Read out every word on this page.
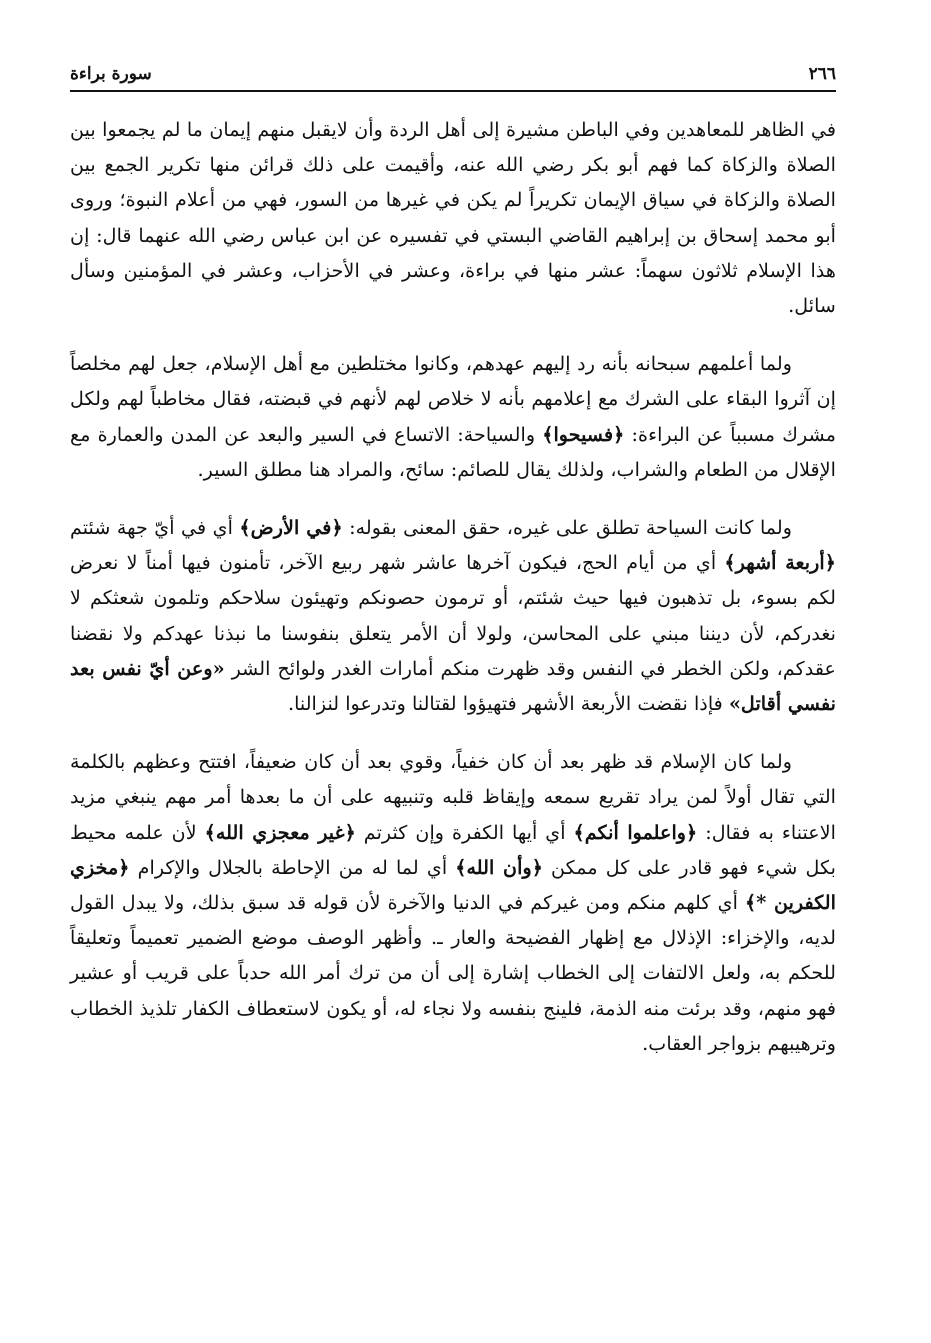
٢٦٦
سورة براءة

في الظاهر للمعاهدين وفي الباطن مشيرة إلى أهل الردة وأن لايقبل منهم إيمان ما لم يجمعوا بين الصلاة والزكاة كما فهم أبو بكر رضي الله عنه، وأقيمت على ذلك قرائن منها تكرير الجمع بين الصلاة والزكاة في سياق الإيمان تكريراً لم يكن في غيرها من السور، فهي من أعلام النبوة؛ وروى أبو محمد إسحاق بن إبراهيم القاضي البستي في تفسيره عن ابن عباس رضي الله عنهما قال: إن هذا الإسلام ثلاثون سهماً: عشر منها في براءة، وعشر في الأحزاب، وعشر في المؤمنين وسأل سائل.

ولما أعلمهم سبحانه بأنه رد إليهم عهدهم، وكانوا مختلطين مع أهل الإسلام، جعل لهم مخلصاً إن آثروا البقاء على الشرك مع إعلامهم بأنه لا خلاص لهم لأنهم في قبضته، فقال مخاطباً لهم ولكل مشرك مسبباً عن البراءة: ﴿فسيحوا﴾ والسياحة: الاتساع في السير والبعد عن المدن والعمارة مع الإقلال من الطعام والشراب، ولذلك يقال للصائم: سائح، والمراد هنا مطلق السير.

ولما كانت السياحة تطلق على غيره، حقق المعنى بقوله: ﴿في الأرض﴾ أي في أيّ جهة شئتم ﴿أربعة أشهر﴾ أي من أيام الحج، فيكون آخرها عاشر شهر ربيع الآخر، تأمنون فيها أمناً لا نعرض لكم بسوء، بل تذهبون فيها حيث شئتم، أو ترمون حصونكم وتهيئون سلاحكم وتلمون شعثكم لا نغدركم، لأن ديننا مبني على المحاسن، ولولا أن الأمر يتعلق بنفوسنا ما نبذنا عهدكم ولا نقضنا عقدكم، ولكن الخطر في النفس وقد ظهرت منكم أمارات الغدر ولوائح الشر «وعن أيّ نفس بعد نفسي أقاتل» فإذا نقضت الأربعة الأشهر فتهيؤوا لقتالنا وتدرعوا لنزالنا.

ولما كان الإسلام قد ظهر بعد أن كان خفياً، وقوي بعد أن كان ضعيفاً، افتتح وعظهم بالكلمة التي تقال أولاً لمن يراد تقريع سمعه وإيقاظ قلبه وتنبيهه على أن ما بعدها أمر مهم ينبغي مزيد الاعتناء به فقال: ﴿واعلموا أنكم﴾ أي أيها الكفرة وإن كثرتم ﴿غير معجزي الله﴾ لأن علمه محيط بكل شيء فهو قادر على كل ممكن ﴿وأن الله﴾ أي لما له من الإحاطة بالجلال والإكرام ﴿مخزي الكفرين *﴾ أي كلهم منكم ومن غيركم في الدنيا والآخرة لأن قوله قد سبق بذلك، ولا يبدل القول لديه، والإخزاء: الإذلال مع إظهار الفضيحة والعار ـ. وأظهر الوصف موضع الضمير تعميماً وتعليقاً للحكم به، ولعل الالتفات إلى الخطاب إشارة إلى أن من ترك أمر الله حدباً على قريب أو عشير فهو منهم، وقد برئت منه الذمة، فلينج بنفسه ولا نجاء له، أو يكون لاستعطاف الكفار تلذيذ الخطاب وترهيبهم بزواجر العقاب.
